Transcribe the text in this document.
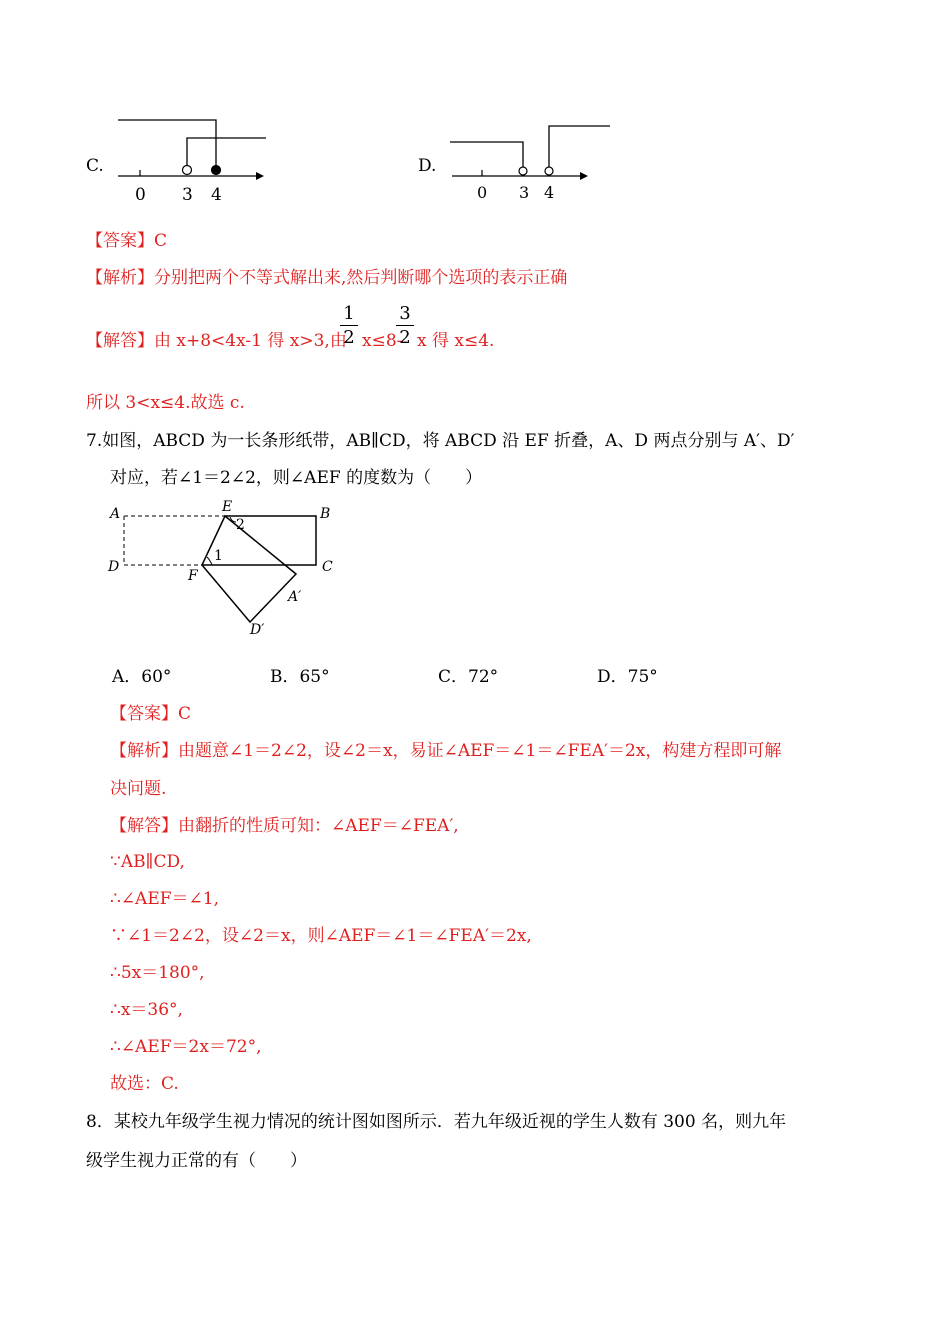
C.
0 3 4
D.
0 3 4
【答案】C
【解析】分别把两个不等式解出来,然后判断哪个选项的表示正确
【解答】由 x+8<4x-1 得 x>3,由
1
2 x≤8-
3
2 x 得 x≤4.
所以 3<x≤4.故选 c.
7.如图，ABCD 为一长条形纸带，AB∥CD，将 ABCD 沿 EF 折叠，A、D 两点分别与 A′、D′
对应，若∠1＝2∠2，则∠AEF 的度数为（　　）
A	B
C
D
E
F
A′
D′
2
1
A．60°	B．65°	C．72°	D．75°
【答案】C
【解析】由题意∠1＝2∠2，设∠2＝x，易证∠AEF＝∠1＝∠FEA′＝2x，构建方程即可解
决问题.
【解答】由翻折的性质可知：∠AEF＝∠FEA′,
∵AB∥CD,
∴∠AEF＝∠1,
∵∠1＝2∠2，设∠2＝x，则∠AEF＝∠1＝∠FEA′＝2x,
∴5x＝180°,
∴x＝36°,
∴∠AEF＝2x＝72°,
故选：C.
8．某校九年级学生视力情况的统计图如图所示．若九年级近视的学生人数有 300 名，则九年
级学生视力正常的有（　　）
